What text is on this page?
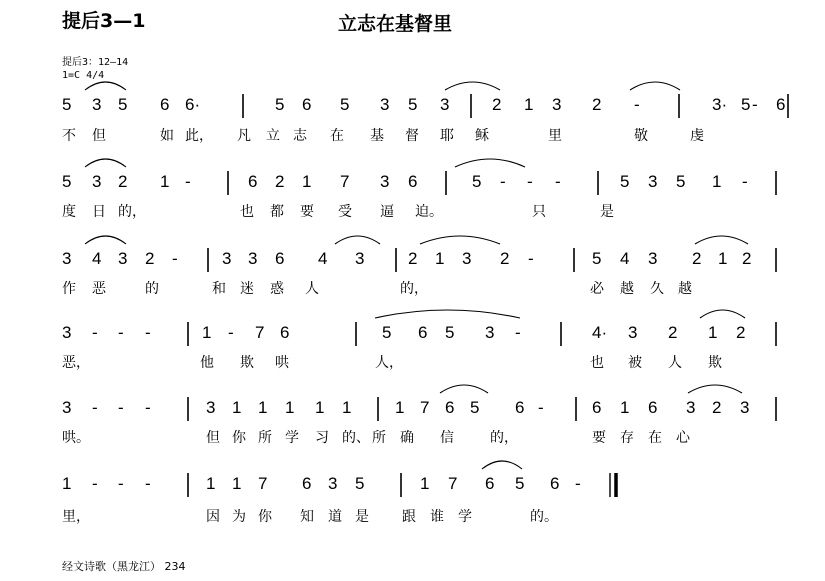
提后3—1	立志在基督里
提后3：12—14
1=C 4/4
5 3 5 6 6·	5 6 5 3 5 3	2 1 3 2 -	3· 5 6
-
不 但	如 此， 凡 立 志 在 基 督 耶 稣	里	敬	虔
5 3 2 1 -	6 2 1 7 3 6	5 - - -	5 3 5 1 -
度 日 的，	也 都 要 受 逼 迫。	只	是
3 4 3 2 -	3 3 6 4 3	2 1 3 2 -	5 4 3 2 1 2
作 恶	的	和 迷 惑 人	的，	必 越 久 越
3 - - -	1 - 7 6	5 6 5 3 -	4· 3 2 1 2
恶，	他 欺 哄	人，	也 被 人 欺
3 - - -	3 1 1 1 1 1	1 7 6 5 6 -	6 1 6 3 2 3
哄。	但 你 所 学 习 的、 所 确 信	的，	要 存 在 心
1 - - -	1 1 7 6 3 5	1 7 6 5 6 -
里，	因 为 你 知 道 是 跟 谁 学	的。
经文诗歌（黑龙江） 234
